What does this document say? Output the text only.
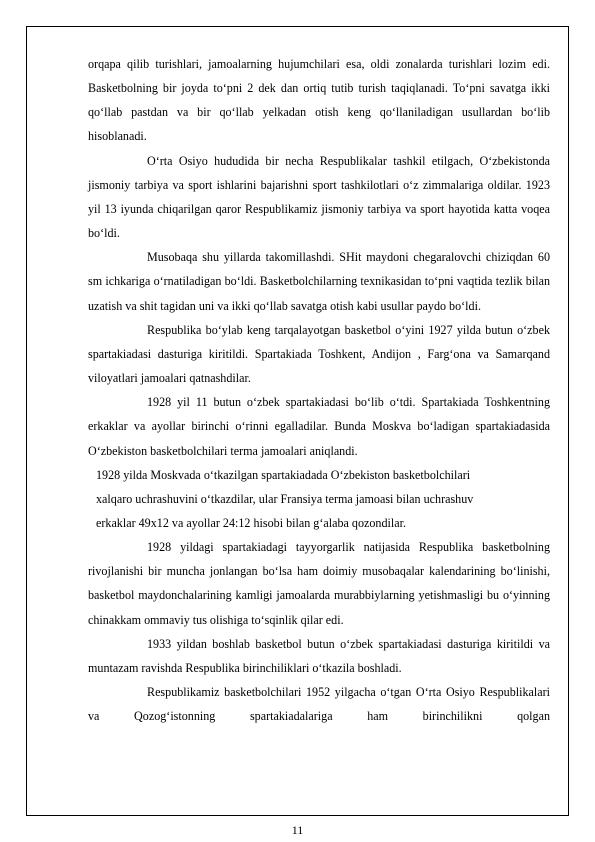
orqapa qilib turishlari, jamoalarning hujumchilari esa, oldi zonalarda turishlari lozim edi. Basketbolning bir joyda to‘pni 2 dek dan ortiq tutib turish taqiqlanadi. To‘pni savatga ikki qo‘llab pastdan va bir qo‘llab yelkadan otish keng qo‘llaniladigan usullardan bo‘lib hisoblanadi.

O‘rta Osiyo hududida bir necha Respublikalar tashkil etilgach, O‘zbekistonda jismoniy tarbiya va sport ishlarini bajarishni sport tashkilotlari o‘z zimmalariga oldilar. 1923 yil 13 iyunda chiqarilgan qaror Respublikamiz jismoniy tarbiya va sport hayotida katta voqea bo‘ldi.

Musobaqa shu yillarda takomillashdi. SHit maydoni chegaralovchi chiziqdan 60 sm ichkariga o‘rnatiladigan bo‘ldi. Basketbolchilarning texnikasidan to‘pni vaqtida tezlik bilan uzatish va shit tagidan uni va ikki qo‘llab savatga otish kabi usullar paydo bo‘ldi.

Respublika bo‘ylab keng tarqalayotgan basketbol o‘yini 1927 yilda butun o‘zbek spartakiadasi dasturiga kiritildi. Spartakiada Toshkent, Andijon , Farg‘ona va Samarqand viloyatlari jamoalari qatnashdilar.

1928 yil 11 butun o‘zbek spartakiadasi bo‘lib o‘tdi. Spartakiada Toshkentning erkaklar va ayollar birinchi o‘rinni egalladilar. Bunda Moskva bo‘ladigan spartakiadasida O‘zbekiston basketbolchilari terma jamoalari aniqlandi.

1928 yilda Moskvada o‘tkazilgan spartakiadada O‘zbekiston basketbolchilari

xalqaro uchrashuvini o‘tkazdilar, ular Fransiya terma jamoasi bilan uchrashuv

erkaklar 49x12 va ayollar 24:12 hisobi bilan g‘alaba qozondilar.

1928 yildagi spartakiadagi tayyorgarlik natijasida Respublika basketbolning rivojlanishi bir muncha jonlangan bo‘lsa ham doimiy musobaqalar kalendarining bo‘linishi, basketbol maydonchalarining kamligi jamoalarda murabbiylarning yetishmasligi bu o‘yinning chinakkam ommaviy tus olishiga to‘sqinlik qilar edi.

1933 yildan boshlab basketbol butun o‘zbek spartakiadasi dasturiga kiritildi va muntazam ravishda Respublika birinchiliklari o‘tkazila boshladi.

Respublikamiz basketbolchilari 1952 yilgacha o‘tgan O‘rta Osiyo Respublikalari va Qozog‘istonning spartakiadalariga ham birinchilikni qolgan

11
